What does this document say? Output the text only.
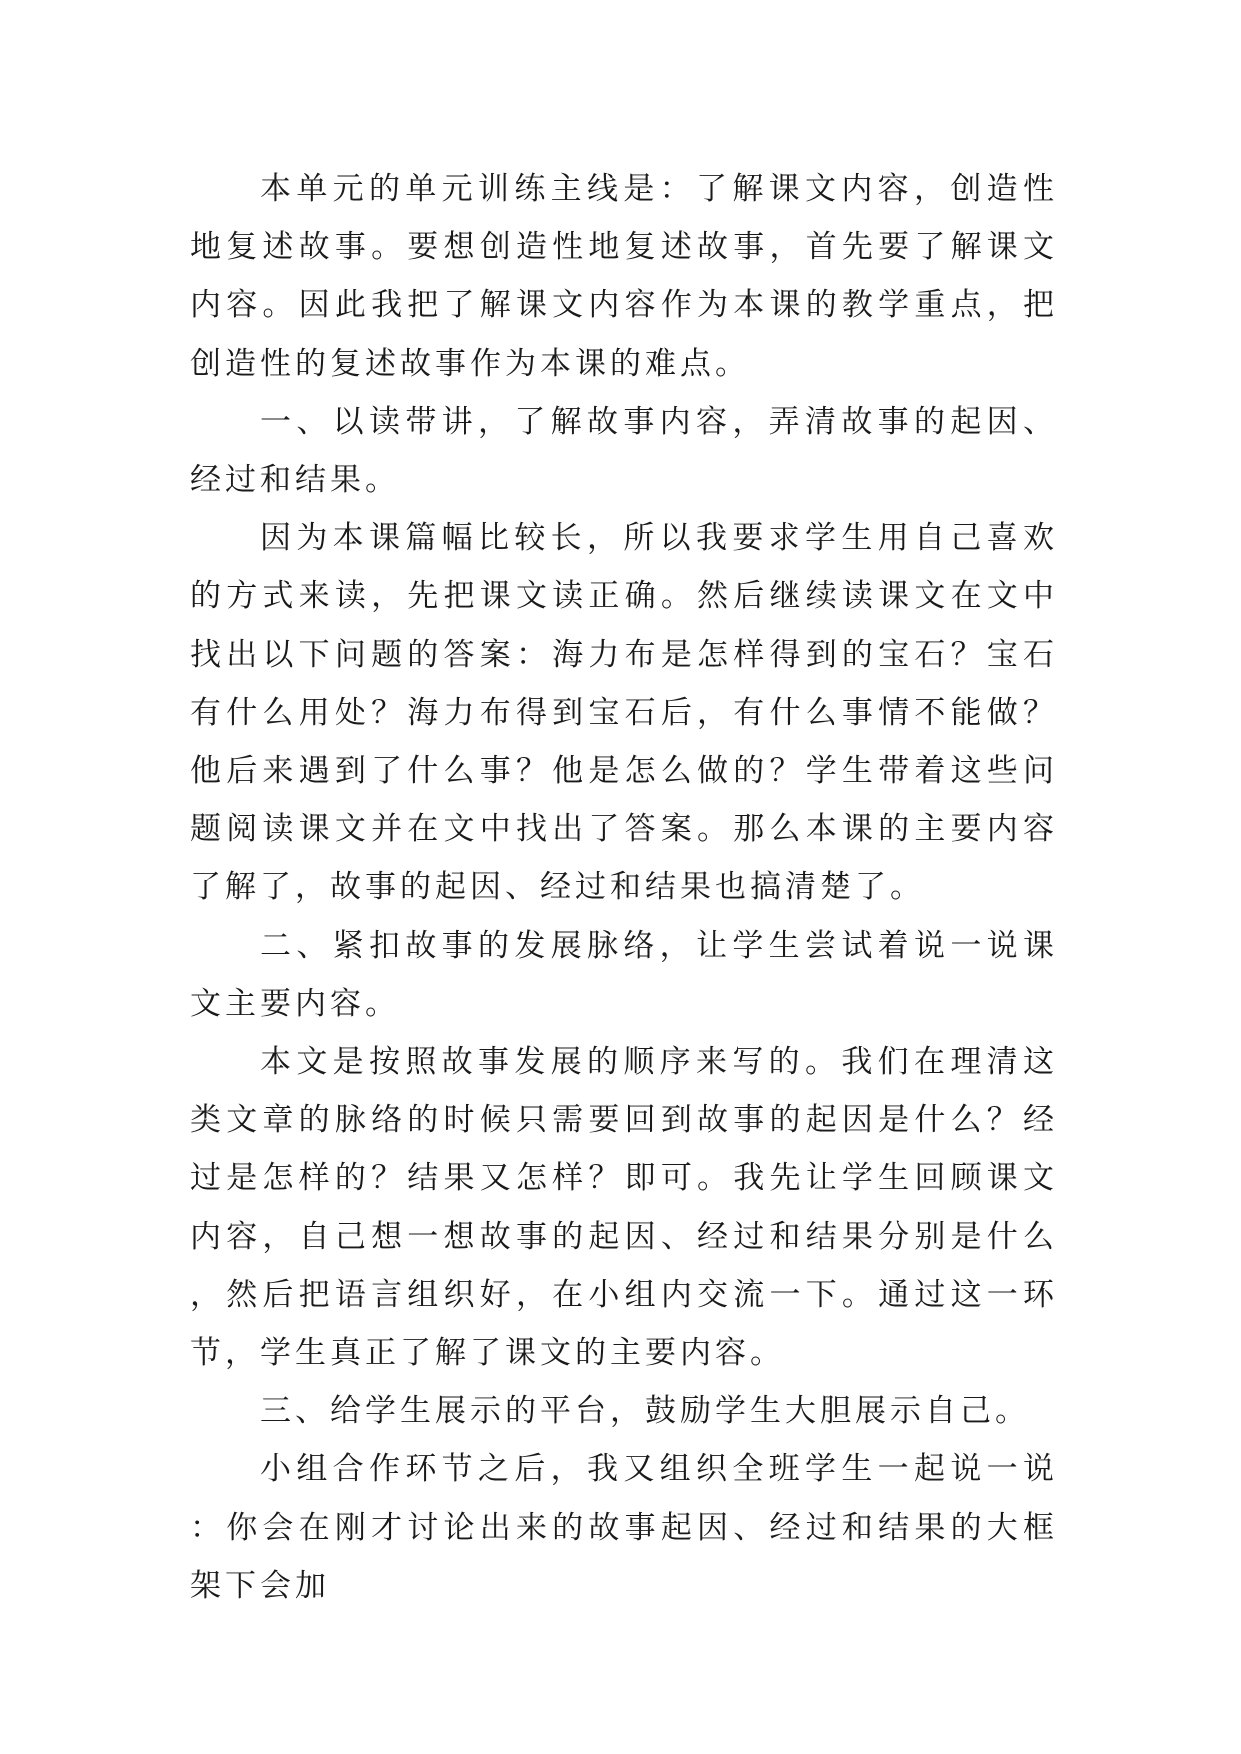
本单元的单元训练主线是：了解课文内容，创造性地复述故事。要想创造性地复述故事，首先要了解课文内容。因此我把了解课文内容作为本课的教学重点，把创造性的复述故事作为本课的难点。

一、以读带讲，了解故事内容，弄清故事的起因、经过和结果。

因为本课篇幅比较长，所以我要求学生用自己喜欢的方式来读，先把课文读正确。然后继续读课文在文中找出以下问题的答案：海力布是怎样得到的宝石？宝石有什么用处？海力布得到宝石后，有什么事情不能做？他后来遇到了什么事？他是怎么做的？学生带着这些问题阅读课文并在文中找出了答案。那么本课的主要内容了解了，故事的起因、经过和结果也搞清楚了。

二、紧扣故事的发展脉络，让学生尝试着说一说课文主要内容。

本文是按照故事发展的顺序来写的。我们在理清这类文章的脉络的时候只需要回到故事的起因是什么？经过是怎样的？结果又怎样？即可。我先让学生回顾课文内容，自己想一想故事的起因、经过和结果分别是什么，然后把语言组织好，在小组内交流一下。通过这一环节，学生真正了解了课文的主要内容。

三、给学生展示的平台，鼓励学生大胆展示自己。

小组合作环节之后，我又组织全班学生一起说一说：你会在刚才讨论出来的故事起因、经过和结果的大框架下会加
